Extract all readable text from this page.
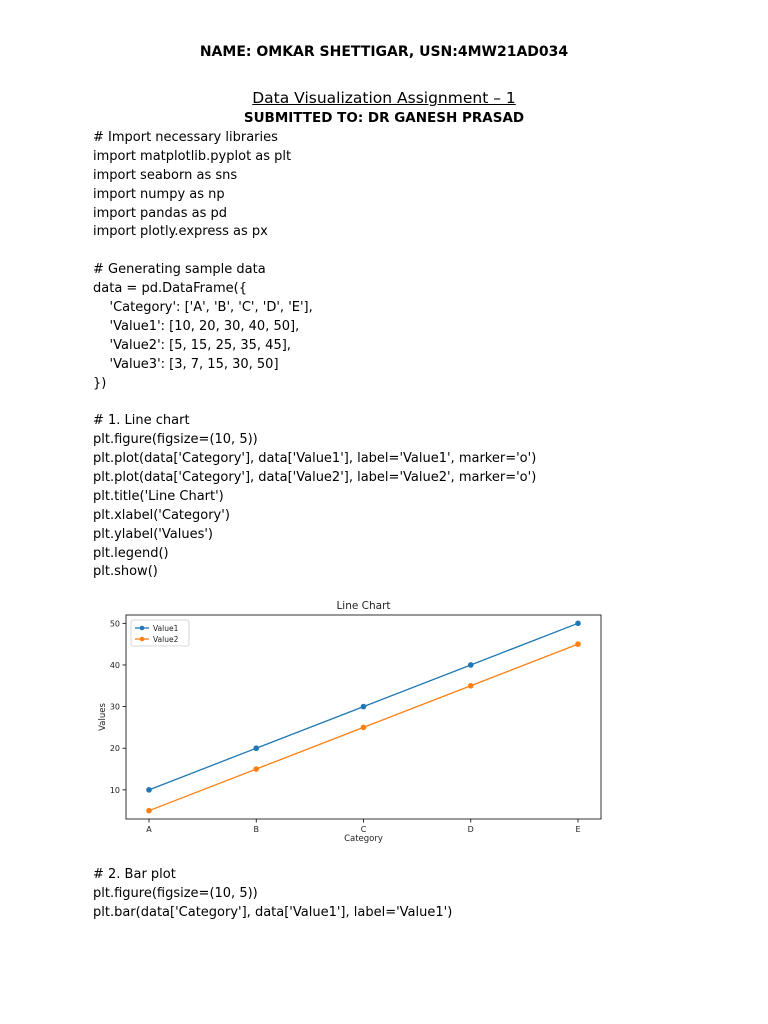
NAME: OMKAR SHETTIGAR, USN:4MW21AD034
Data Visualization Assignment – 1
SUBMITTED TO: DR GANESH PRASAD
# Import necessary libraries
import matplotlib.pyplot as plt
import seaborn as sns
import numpy as np
import pandas as pd
import plotly.express as px
# Generating sample data
data = pd.DataFrame({
'Category': ['A', 'B', 'C', 'D', 'E'],
'Value1': [10, 20, 30, 40, 50],
'Value2': [5, 15, 25, 35, 45],
'Value3': [3, 7, 15, 30, 50]
})
# 1. Line chart
plt.figure(figsize=(10, 5))
plt.plot(data['Category'], data['Value1'], label='Value1', marker='o')
plt.plot(data['Category'], data['Value2'], label='Value2', marker='o')
plt.title('Line Chart')
plt.xlabel('Category')
plt.ylabel('Values')
plt.legend()
plt.show()
Line Chart
10
20
30
40
50
A	B	C	D	E
Category
Values
Value1
Value2
# 2. Bar plot
plt.figure(figsize=(10, 5))
plt.bar(data['Category'], data['Value1'], label='Value1')
